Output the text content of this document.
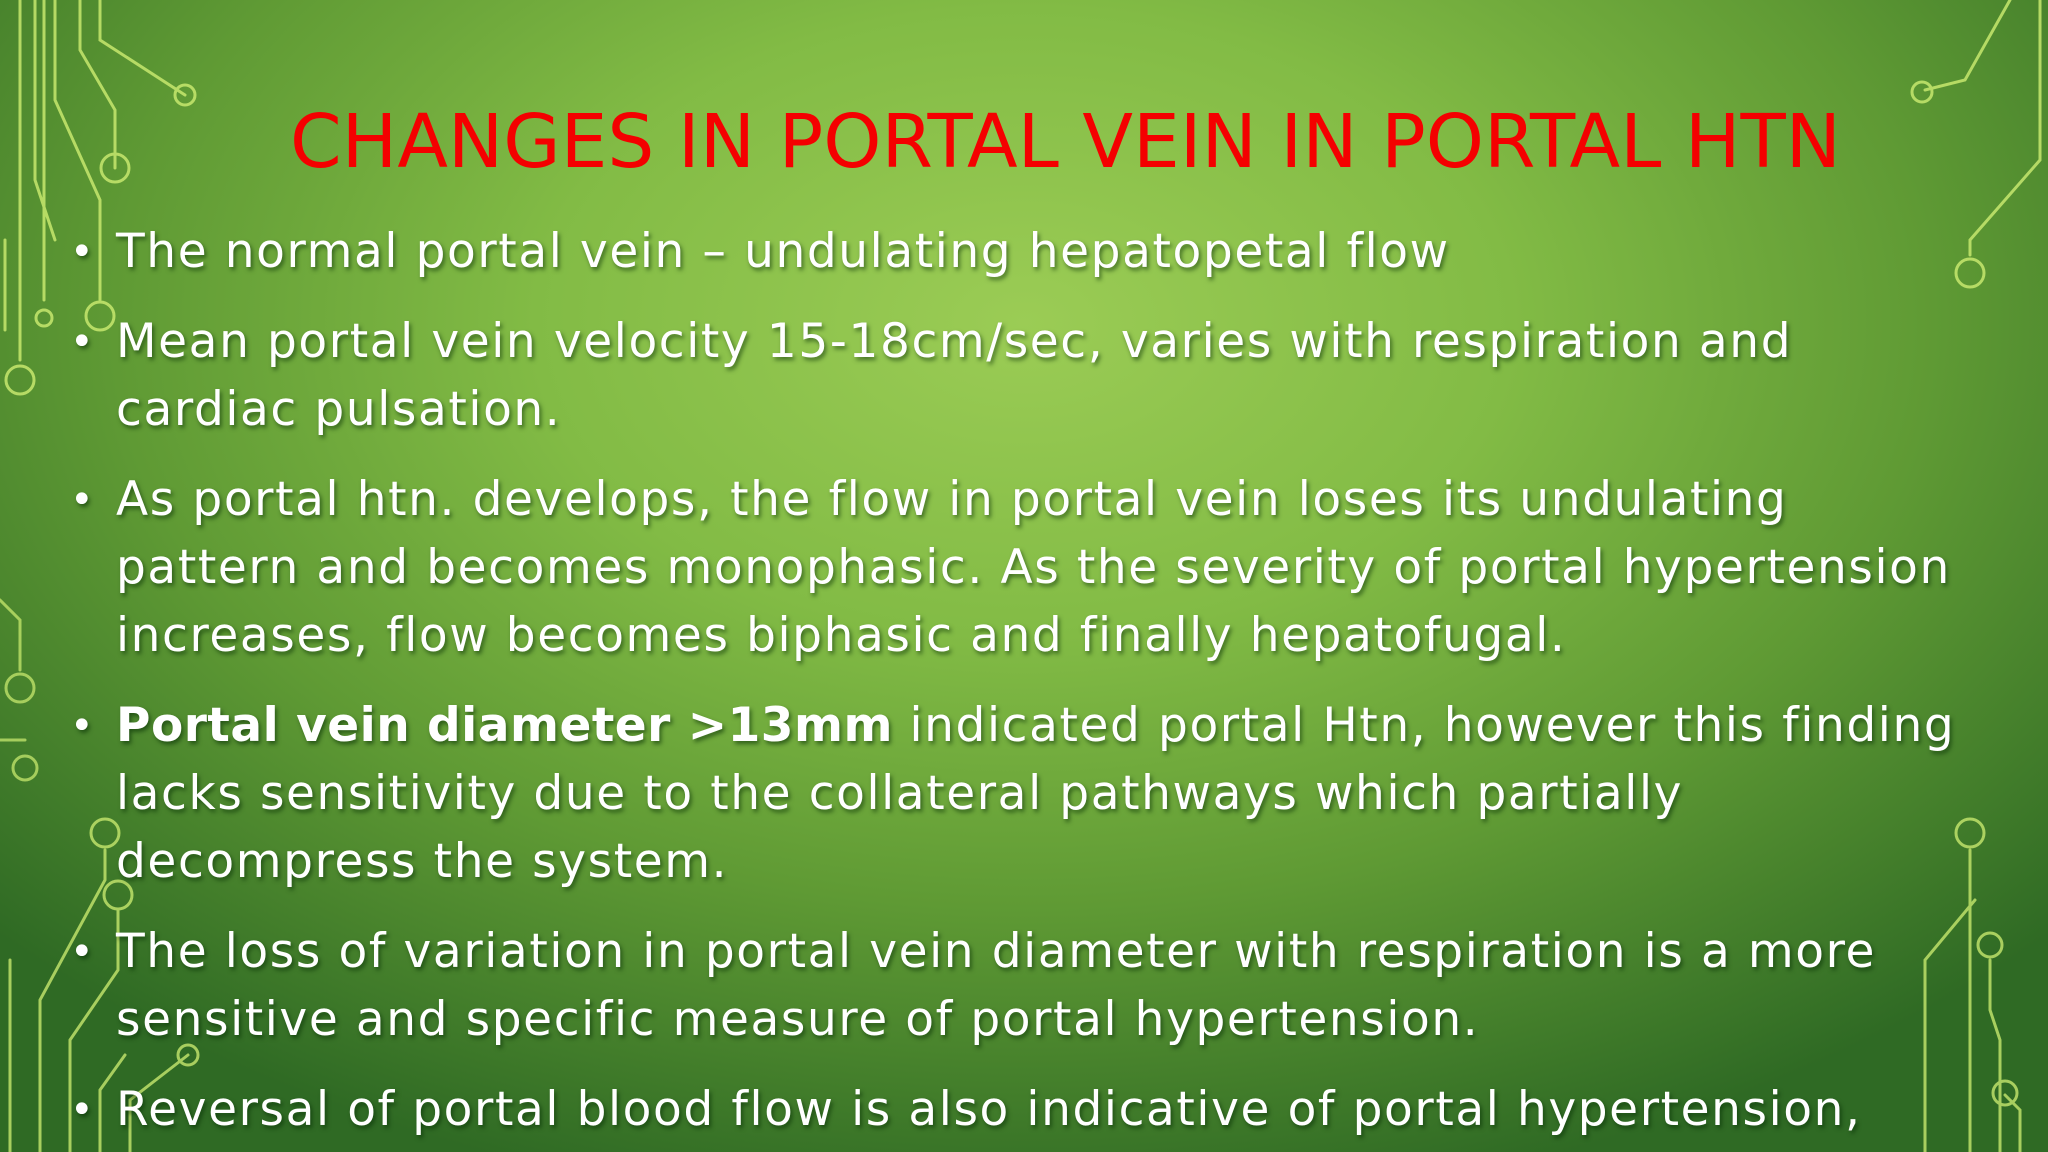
CHANGES IN PORTAL VEIN IN PORTAL HTN
• The normal portal vein – undulating hepatopetal flow
• Mean portal vein velocity 15-18cm/sec, varies with respiration and cardiac pulsation.
• As portal htn. develops, the flow in portal vein loses its undulating pattern and becomes monophasic. As the severity of portal hypertension increases, flow becomes biphasic and finally hepatofugal.
• Portal vein diameter >13mm indicated portal Htn, however this finding lacks sensitivity due to the collateral pathways which partially decompress the system.
• The loss of variation in portal vein diameter with respiration is a more sensitive and specific measure of portal hypertension.
• Reversal of portal blood flow is also indicative of portal hypertension,
